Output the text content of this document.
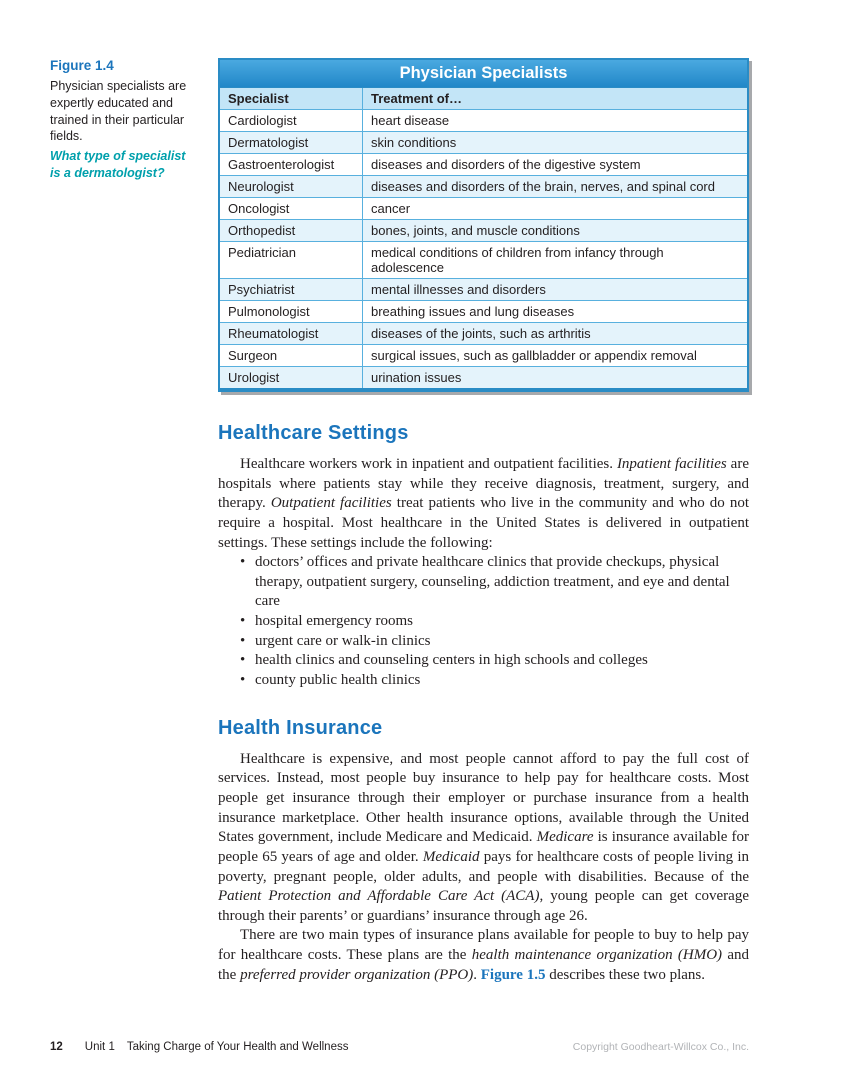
Figure 1.4
Physician specialists are expertly educated and trained in their particular fields.
What type of specialist is a dermatologist?
Physician Specialists	
Specialist	Treatment of…
Cardiologist	heart disease
Dermatologist	skin conditions
Gastroenterologist	diseases and disorders of the digestive system
Neurologist	diseases and disorders of the brain, nerves, and spinal cord
Oncologist	cancer
Orthopedist	bones, joints, and muscle conditions
Pediatrician	medical conditions of children from infancy through adolescence
Psychiatrist	mental illnesses and disorders
Pulmonologist	breathing issues and lung diseases
Rheumatologist	diseases of the joints, such as arthritis
Surgeon	surgical issues, such as gallbladder or appendix removal
Urologist	urination issues
Healthcare Settings

Healthcare workers work in inpatient and outpatient facilities. Inpatient facilities are hospitals where patients stay while they receive diagnosis, treatment, surgery, and therapy. Outpatient facilities treat patients who live in the community and who do not require a hospital. Most healthcare in the United States is delivered in outpatient settings. These settings include the following:

• doctors’ offices and private healthcare clinics that provide checkups, physical therapy, outpatient surgery, counseling, addiction treatment, and eye and dental care
• hospital emergency rooms
• urgent care or walk-in clinics
• health clinics and counseling centers in high schools and colleges
• county public health clinics
Health Insurance

Healthcare is expensive, and most people cannot afford to pay the full cost of services. Instead, most people buy insurance to help pay for healthcare costs. Most people get insurance through their employer or purchase insurance from a health insurance marketplace. Other health insurance options, available through the United States government, include Medicare and Medicaid. Medicare is insurance available for people 65 years of age and older. Medicaid pays for healthcare costs of people living in poverty, pregnant people, older adults, and people with disabilities. Because of the Patient Protection and Affordable Care Act (ACA), young people can get coverage through their parents’ or guardians’ insurance through age 26.

There are two main types of insurance plans available for people to buy to help pay for healthcare costs. These plans are the health maintenance organization (HMO) and the preferred provider organization (PPO). Figure 1.5 describes these two plans.

12 Unit 1 Taking Charge of Your Health and Wellness	Copyright Goodheart-Willcox Co., Inc.
